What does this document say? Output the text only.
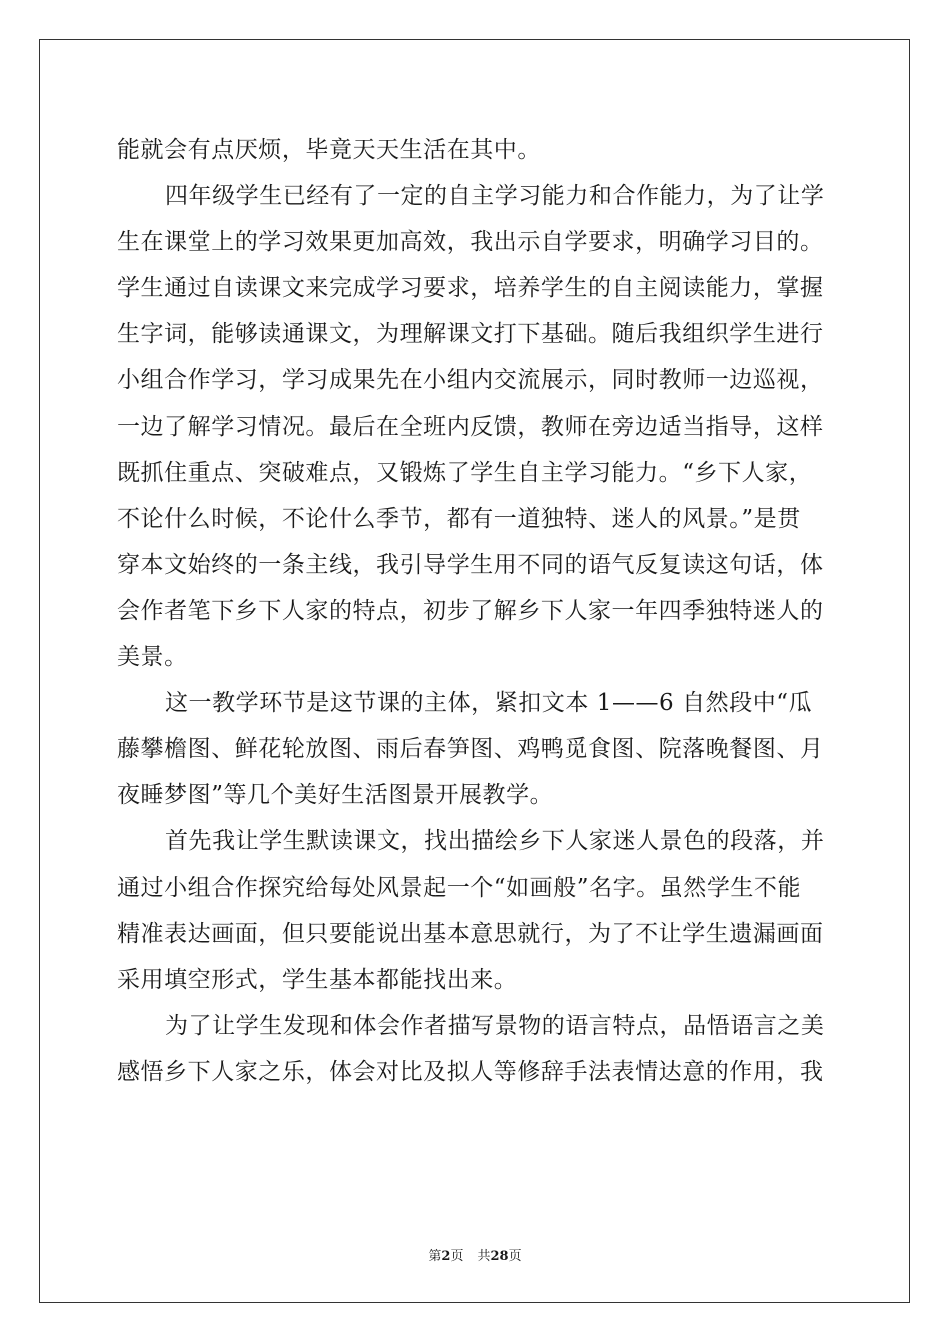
能就会有点厌烦，毕竟天天生活在其中。
四年级学生已经有了一定的自主学习能力和合作能力，为了让学
生在课堂上的学习效果更加高效，我出示自学要求，明确学习目的。
学生通过自读课文来完成学习要求，培养学生的自主阅读能力，掌握
生字词，能够读通课文，为理解课文打下基础。随后我组织学生进行
小组合作学习，学习成果先在小组内交流展示，同时教师一边巡视，
一边了解学习情况。最后在全班内反馈，教师在旁边适当指导，这样
既抓住重点、突破难点，又锻炼了学生自主学习能力。“乡下人家，
不论什么时候，不论什么季节，都有一道独特、迷人的风景。”是贯
穿本文始终的一条主线，我引导学生用不同的语气反复读这句话，体
会作者笔下乡下人家的特点，初步了解乡下人家一年四季独特迷人的
美景。
这一教学环节是这节课的主体，紧扣文本 1——6 自然段中“瓜
藤攀檐图、鲜花轮放图、雨后春笋图、鸡鸭觅食图、院落晚餐图、月
夜睡梦图”等几个美好生活图景开展教学。
首先我让学生默读课文，找出描绘乡下人家迷人景色的段落，并
通过小组合作探究给每处风景起一个“如画般”名字。虽然学生不能
精准表达画面，但只要能说出基本意思就行，为了不让学生遗漏画面
采用填空形式，学生基本都能找出来。
为了让学生发现和体会作者描写景物的语言特点，品悟语言之美
感悟乡下人家之乐，体会对比及拟人等修辞手法表情达意的作用，我
第2页 共28页
